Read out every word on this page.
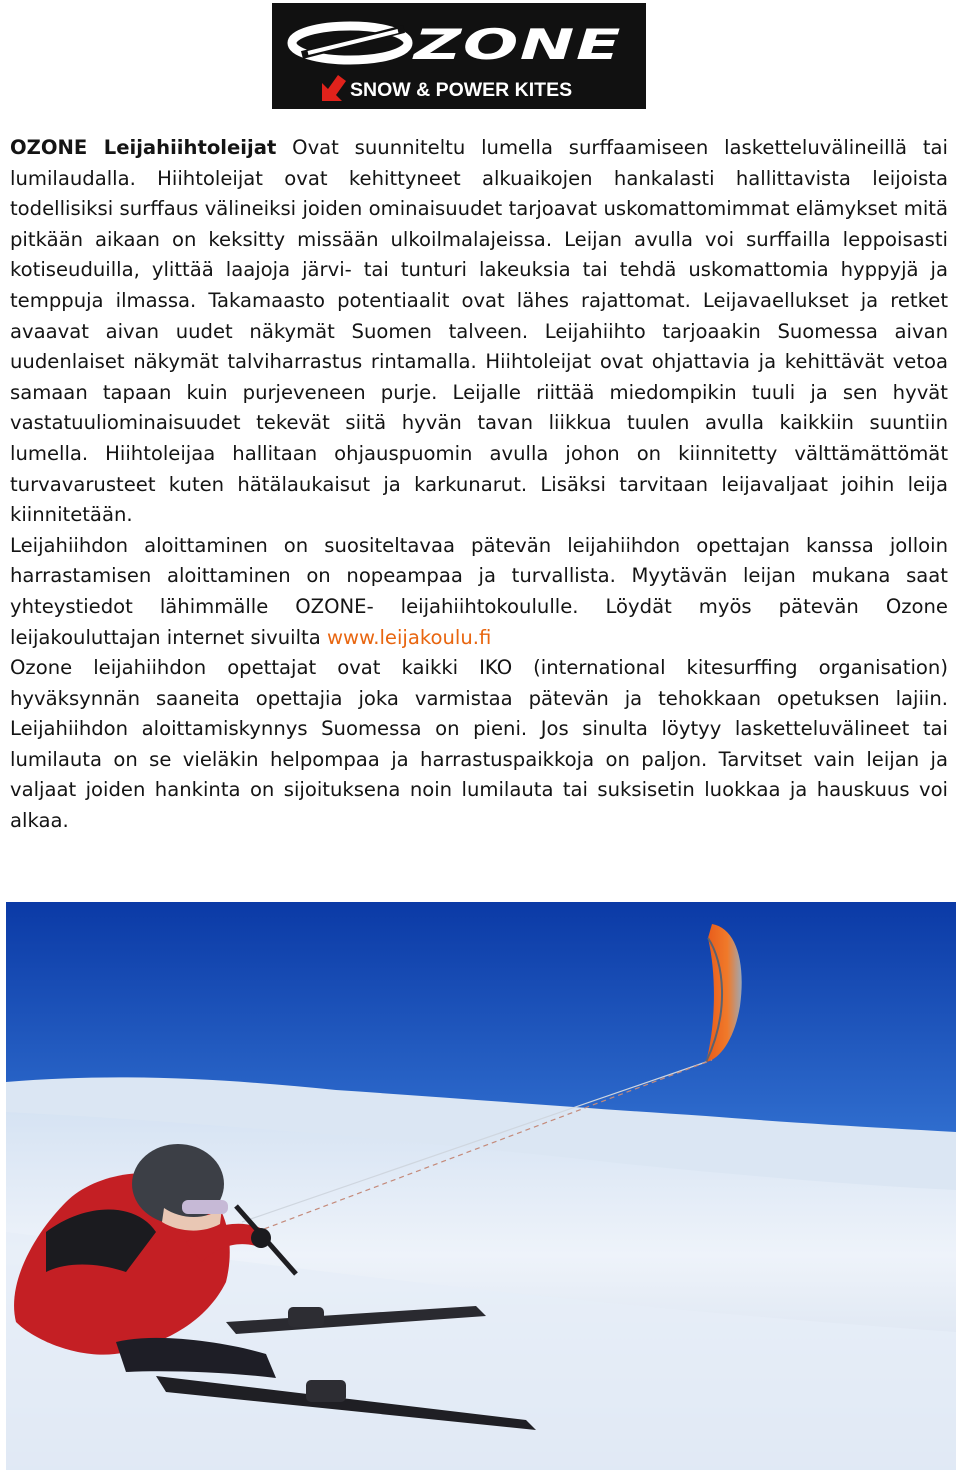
ZONE
SNOW & POWER KITES

OZONE Leijahiihtoleijat Ovat suunniteltu lumella surffaamiseen lasketteluvälineillä tai lumilaudalla. Hiihtoleijat ovat kehittyneet alkuaikojen hankalasti hallittavista leijoista todellisiksi surffaus välineiksi joiden ominaisuudet tarjoavat uskomattomimmat elämykset mitä pitkään aikaan on keksitty missään ulkoilmalajeissa. Leijan avulla voi surffailla leppoisasti kotiseuduilla, ylittää laajoja järvi- tai tunturi lakeuksia tai tehdä uskomattomia hyppyjä ja temppuja ilmassa. Takamaasto potentiaalit ovat lähes rajattomat. Leijavaellukset ja retket avaavat aivan uudet näkymät Suomen talveen. Leijahiihto tarjoaakin Suomessa aivan uudenlaiset näkymät talviharrastus rintamalla. Hiihtoleijat ovat ohjattavia ja kehittävät vetoa samaan tapaan kuin purjeveneen purje. Leijalle riittää miedompikin tuuli ja sen hyvät vastatuuliominaisuudet tekevät siitä hyvän tavan liikkua tuulen avulla kaikkiin suuntiin lumella. Hiihtoleijaa hallitaan ohjauspuomin avulla johon on kiinnitetty välttämättömät turvavarusteet kuten hätälaukaisut ja karkunarut. Lisäksi tarvitaan leijavaljaat joihin leija kiinnitetään.

Leijahiihdon aloittaminen on suositeltavaa pätevän leijahiihdon opettajan kanssa jolloin harrastamisen aloittaminen on nopeampaa ja turvallista. Myytävän leijan mukana saat yhteystiedot lähimmälle OZONE- leijahiihtokoululle. Löydät myös pätevän Ozone leijakouluttajan internet sivuilta www.leijakoulu.fi

Ozone leijahiihdon opettajat ovat kaikki IKO (international kitesurffing organisation) hyväksynnän saaneita opettajia joka varmistaa pätevän ja tehokkaan opetuksen lajiin. Leijahiihdon aloittamiskynnys Suomessa on pieni. Jos sinulta löytyy lasketteluvälineet tai lumilauta on se vieläkin helpompaa ja harrastuspaikkoja on paljon. Tarvitset vain leijan ja valjaat joiden hankinta on sijoituksena noin lumilauta tai suksisetin luokkaa ja hauskuus voi alkaa.
